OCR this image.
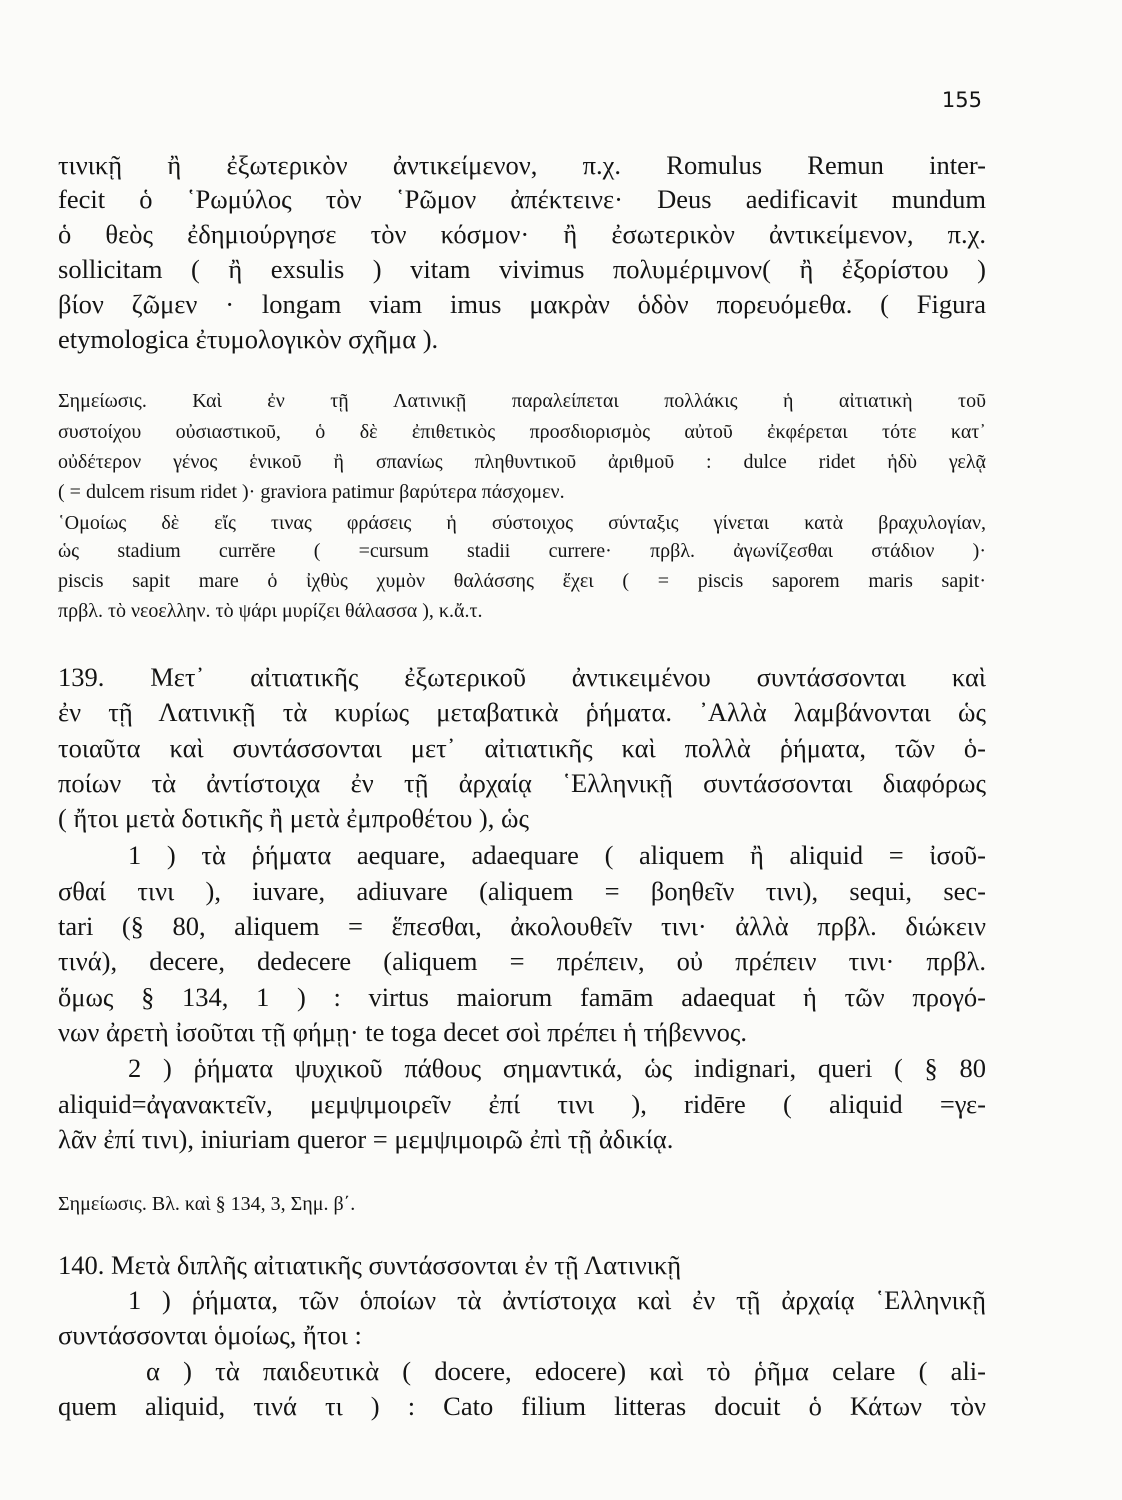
155
τινικῇ ἢ ἐξωτερικὸν ἀντικείμενον, π.χ. Romulus Remun inter-
fecit ὁ ῾Ρωμύλος τὸν ῾Ρῶμον ἀπέκτεινε· Deus aedificavit mundum
ὁ θεὸς ἐδημιούργησε τὸν κόσμον· ἢ ἐσωτερικὸν ἀντικείμενον, π.χ.
sollicitam ( ἢ exsulis ) vitam vivimus πολυμέριμνον( ἢ ἐξορίστου )
βίον ζῶμεν · longam viam imus μακρὰν ὁδὸν πορευόμεθα. ( Figura
etymologica ἐτυμολογικὸν σχῆμα ).
Σημείωσις. Καὶ ἐν τῇ Λατινικῇ παραλείπεται πολλάκις ἡ αἰτιατικὴ τοῦ
συστοίχου οὐσιαστικοῦ, ὁ δὲ ἐπιθετικὸς προσδιορισμὸς αὐτοῦ ἐκφέρεται τότε κατ᾽
οὐδέτερον γένος ἑνικοῦ ἢ σπανίως πληθυντικοῦ ἀριθμοῦ : dulce ridet ἡδὺ γελᾷ
( = dulcem risum ridet )· graviora patimur βαρύτερα πάσχομεν.
῾Ομοίως δὲ εἴς τινας φράσεις ἡ σύστοιχος σύνταξις γίνεται κατὰ βραχυλογίαν,
ὡς stadium currĕre ( =cursum stadii currere· πρβλ. ἀγωνίζεσθαι στάδιον )·
piscis sapit mare ὁ ἰχθὺς χυμὸν θαλάσσης ἔχει ( = piscis saporem maris sapit·
πρβλ. τὸ νεοελλην. τὸ ψάρι μυρίζει θάλασσα ), κ.ἄ.τ.
139. Μετ᾽ αἰτιατικῆς ἐξωτερικοῦ ἀντικειμένου συντάσσονται καὶ
ἐν τῇ Λατινικῇ τὰ κυρίως μεταβατικὰ ῥήματα. ᾿Αλλὰ λαμβάνονται ὡς
τοιαῦτα καὶ συντάσσονται μετ᾽ αἰτιατικῆς καὶ πολλὰ ῥήματα, τῶν ὁ-
ποίων τὰ ἀντίστοιχα ἐν τῇ ἀρχαίᾳ ῾Ελληνικῇ συντάσσονται διαφόρως
( ἤτοι μετὰ δοτικῆς ἢ μετὰ ἐμπροθέτου ), ὡς
1 ) τὰ ῥήματα aequare, adaequare ( aliquem ἢ aliquid = ἰσοῦ-
σθαί τινι ), iuvare, adiuvare (aliquem = βοηθεῖν τινι), sequi, sec-
tari (§ 80, aliquem = ἕπεσθαι, ἀκολουθεῖν τινι· ἀλλὰ πρβλ. διώκειν
τινά), decere, dedecere (aliquem = πρέπειν, οὐ πρέπειν τινι· πρβλ.
ὅμως § 134, 1 ) : virtus maiorum famām adaequat ἡ τῶν προγό-
νων ἀρετὴ ἰσοῦται τῇ φήμῃ· te toga decet σοὶ πρέπει ἡ τήβεννος.
2 ) ῥήματα ψυχικοῦ πάθους σημαντικά, ὡς indignari, queri ( § 80
aliquid=ἀγανακτεῖν, μεμψιμοιρεῖν ἐπί τινι ), ridēre ( aliquid =γε-
λᾶν ἐπί τινι), iniuriam queror = μεμψιμοιρῶ ἐπὶ τῇ ἀδικίᾳ.
Σημείωσις. Βλ. καὶ § 134, 3, Σημ. β΄.
140. Μετὰ διπλῆς αἰτιατικῆς συντάσσονται ἐν τῇ Λατινικῇ
1 ) ῥήματα, τῶν ὁποίων τὰ ἀντίστοιχα καὶ ἐν τῇ ἀρχαίᾳ ῾Ελληνικῇ
συντάσσονται ὁμοίως, ἤτοι :
α ) τὰ παιδευτικὰ ( docere, edocere) καὶ τὸ ῥῆμα celare ( ali-
quem aliquid, τινά τι ) : Cato filium litteras docuit ὁ Κάτων τὸν
